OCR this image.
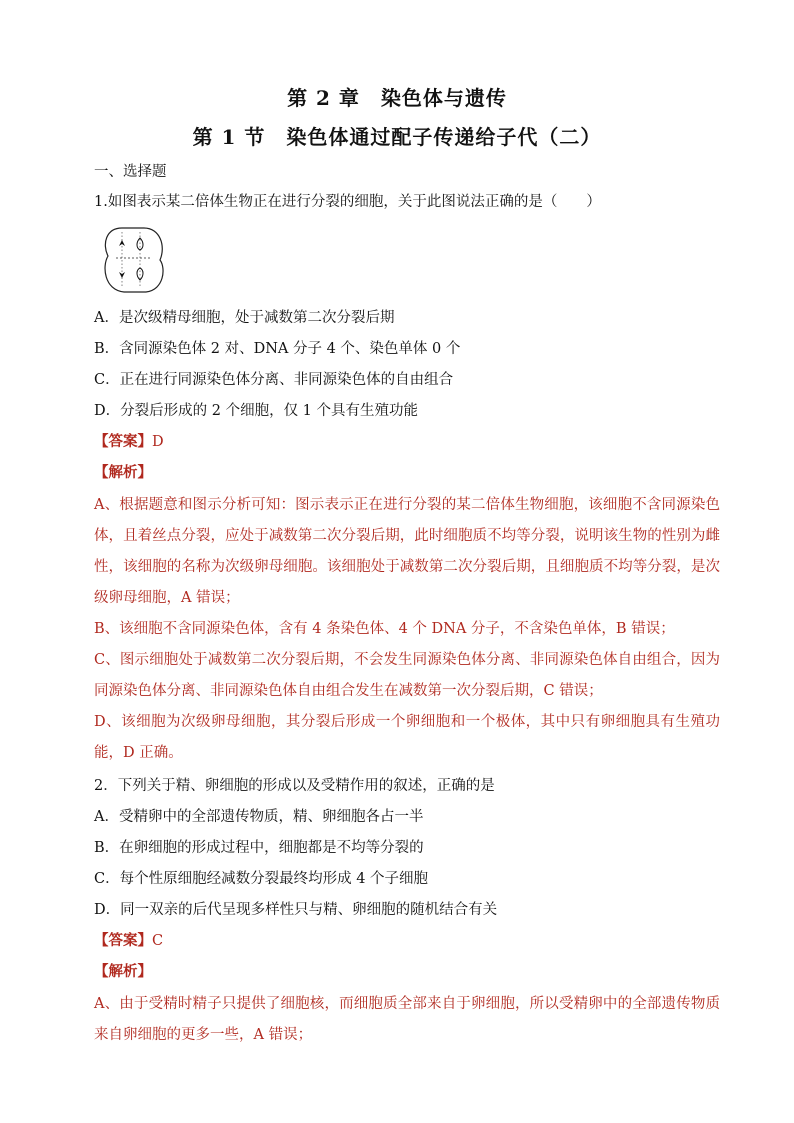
第 2 章　染色体与遗传
第 1 节　染色体通过配子传递给子代（二）
一、选择题
1.如图表示某二倍体生物正在进行分裂的细胞，关于此图说法正确的是（　　）
A．是次级精母细胞，处于减数第二次分裂后期
B．含同源染色体 2 对、DNA 分子 4 个、染色单体 0 个
C．正在进行同源染色体分离、非同源染色体的自由组合
D．分裂后形成的 2 个细胞，仅 1 个具有生殖功能
【答案】D
【解析】
A、根据题意和图示分析可知：图示表示正在进行分裂的某二倍体生物细胞，该细胞不含同源染色体，且着丝点分裂，应处于减数第二次分裂后期，此时细胞质不均等分裂，说明该生物的性别为雌性，该细胞的名称为次级卵母细胞。该细胞处于减数第二次分裂后期，且细胞质不均等分裂，是次级卵母细胞，A 错误；
B、该细胞不含同源染色体，含有 4 条染色体、4 个 DNA 分子，不含染色单体，B 错误；
C、图示细胞处于减数第二次分裂后期，不会发生同源染色体分离、非同源染色体自由组合，因为同源染色体分离、非同源染色体自由组合发生在减数第一次分裂后期，C 错误；
D、该细胞为次级卵母细胞，其分裂后形成一个卵细胞和一个极体，其中只有卵细胞具有生殖功能，D 正确。
2．下列关于精、卵细胞的形成以及受精作用的叙述，正确的是
A．受精卵中的全部遗传物质，精、卵细胞各占一半
B．在卵细胞的形成过程中，细胞都是不均等分裂的
C．每个性原细胞经减数分裂最终均形成 4 个子细胞
D．同一双亲的后代呈现多样性只与精、卵细胞的随机结合有关
【答案】C
【解析】
A、由于受精时精子只提供了细胞核，而细胞质全部来自于卵细胞，所以受精卵中的全部遗传物质来自卵细胞的更多一些，A 错误；
